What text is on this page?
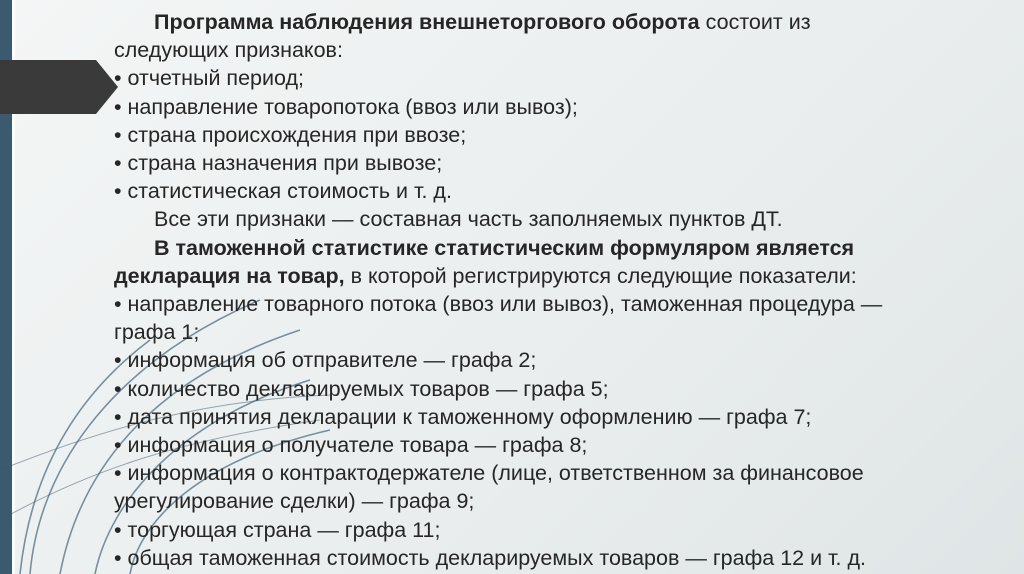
Программа наблюдения внешнеторгового оборота состоит из

следующих признаков:

• отчетный период;

• направление товаропотока (ввоз или вывоз);

• страна происхождения при ввозе;

• страна назначения при вывозе;

• статистическая стоимость и т. д.

Все эти признаки — составная часть заполняемых пунктов ДТ.

В таможенной статистике статистическим формуляром является

декларация на товар, в которой регистрируются следующие показатели:

• направление товарного потока (ввоз или вывоз), таможенная процедура —

графа 1;

• информация об отправителе — графа 2;

• количество декларируемых товаров — графа 5;

• дата принятия декларации к таможенному оформлению — графа 7;

• информация о получателе товара — графа 8;

• информация о контрактодержателе (лице, ответственном за финансовое

урегулирование сделки) — графа 9;

• торгующая страна — графа 11;

• общая таможенная стоимость декларируемых товаров — графа 12 и т. д.
